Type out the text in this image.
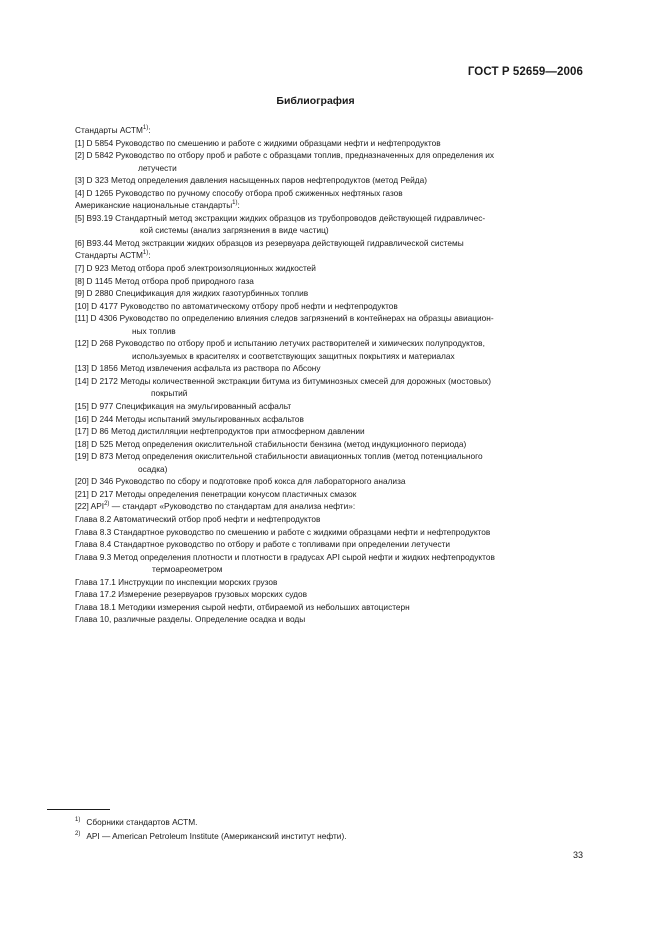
ГОСТ Р 52659—2006
Библиография
Стандарты АСТМ$^{1)}$:
[1] D 5854 Руководство по смешению и работе с жидкими образцами нефти и нефтепродуктов
[2] D 5842 Руководство по отбору проб и работе с образцами топлив, предназначенных для определения их
летучести
[3] D 323 Метод определения давления насыщенных паров нефтепродуктов (метод Рейда)
[4] D 1265 Руководство по ручному способу отбора проб сжиженных нефтяных газов
Американские национальные стандарты$^{1)}$:
[5] B93.19 Стандартный метод экстракции жидких образцов из трубопроводов действующей гидравличес-
кой системы (анализ загрязнения в виде частиц)
[6] B93.44 Метод экстракции жидких образцов из резервуара действующей гидравлической системы
Стандарты АСТМ$^{1)}$:
[7] D 923 Метод отбора проб электроизоляционных жидкостей
[8] D 1145 Метод отбора проб природного газа
[9] D 2880 Спецификация для жидких газотурбинных топлив
[10] D 4177 Руководство по автоматическому отбору проб нефти и нефтепродуктов
[11] D 4306 Руководство по определению влияния следов загрязнений в контейнерах на образцы авиацион-
ных топлив
[12] D 268 Руководство по отбору проб и испытанию летучих растворителей и химических полупродуктов,
используемых в красителях и соответствующих защитных покрытиях и материалах
[13] D 1856 Метод извлечения асфальта из раствора по Абсону
[14] D 2172 Методы количественной экстракции битума из битуминозных смесей для дорожных (мостовых)
покрытий
[15] D 977 Спецификация на эмульгированный асфальт
[16] D 244 Методы испытаний эмульгированных асфальтов
[17] D 86 Метод дистилляции нефтепродуктов при атмосферном давлении
[18] D 525 Метод определения окислительной стабильности бензина (метод индукционного периода)
[19] D 873 Метод определения окислительной стабильности авиационных топлив (метод потенциального
осадка)
[20] D 346 Руководство по сбору и подготовке проб кокса для лабораторного анализа
[21] D 217 Методы определения пенетрации конусом пластичных смазок
[22] API$^{2)}$ — стандарт «Руководство по стандартам для анализа нефти»:
Глава 8.2 Автоматический отбор проб нефти и нефтепродуктов
Глава 8.3 Стандартное руководство по смешению и работе с жидкими образцами нефти и нефтепродуктов
Глава 8.4 Стандартное руководство по отбору и работе с топливами при определении летучести
Глава 9.3 Метод определения плотности и плотности в градусах API сырой нефти и жидких нефтепродуктов
термоареометром
Глава 17.1 Инструкции по инспекции морских грузов
Глава 17.2 Измерение резервуаров грузовых морских судов
Глава 18.1 Методики измерения сырой нефти, отбираемой из небольших автоцистерн
Глава 10, различные разделы. Определение осадка и воды
$^{1)}$ Сборники стандартов АСТМ.
$^{2)}$ API — American Petroleum Institute (Американский институт нефти).
33
